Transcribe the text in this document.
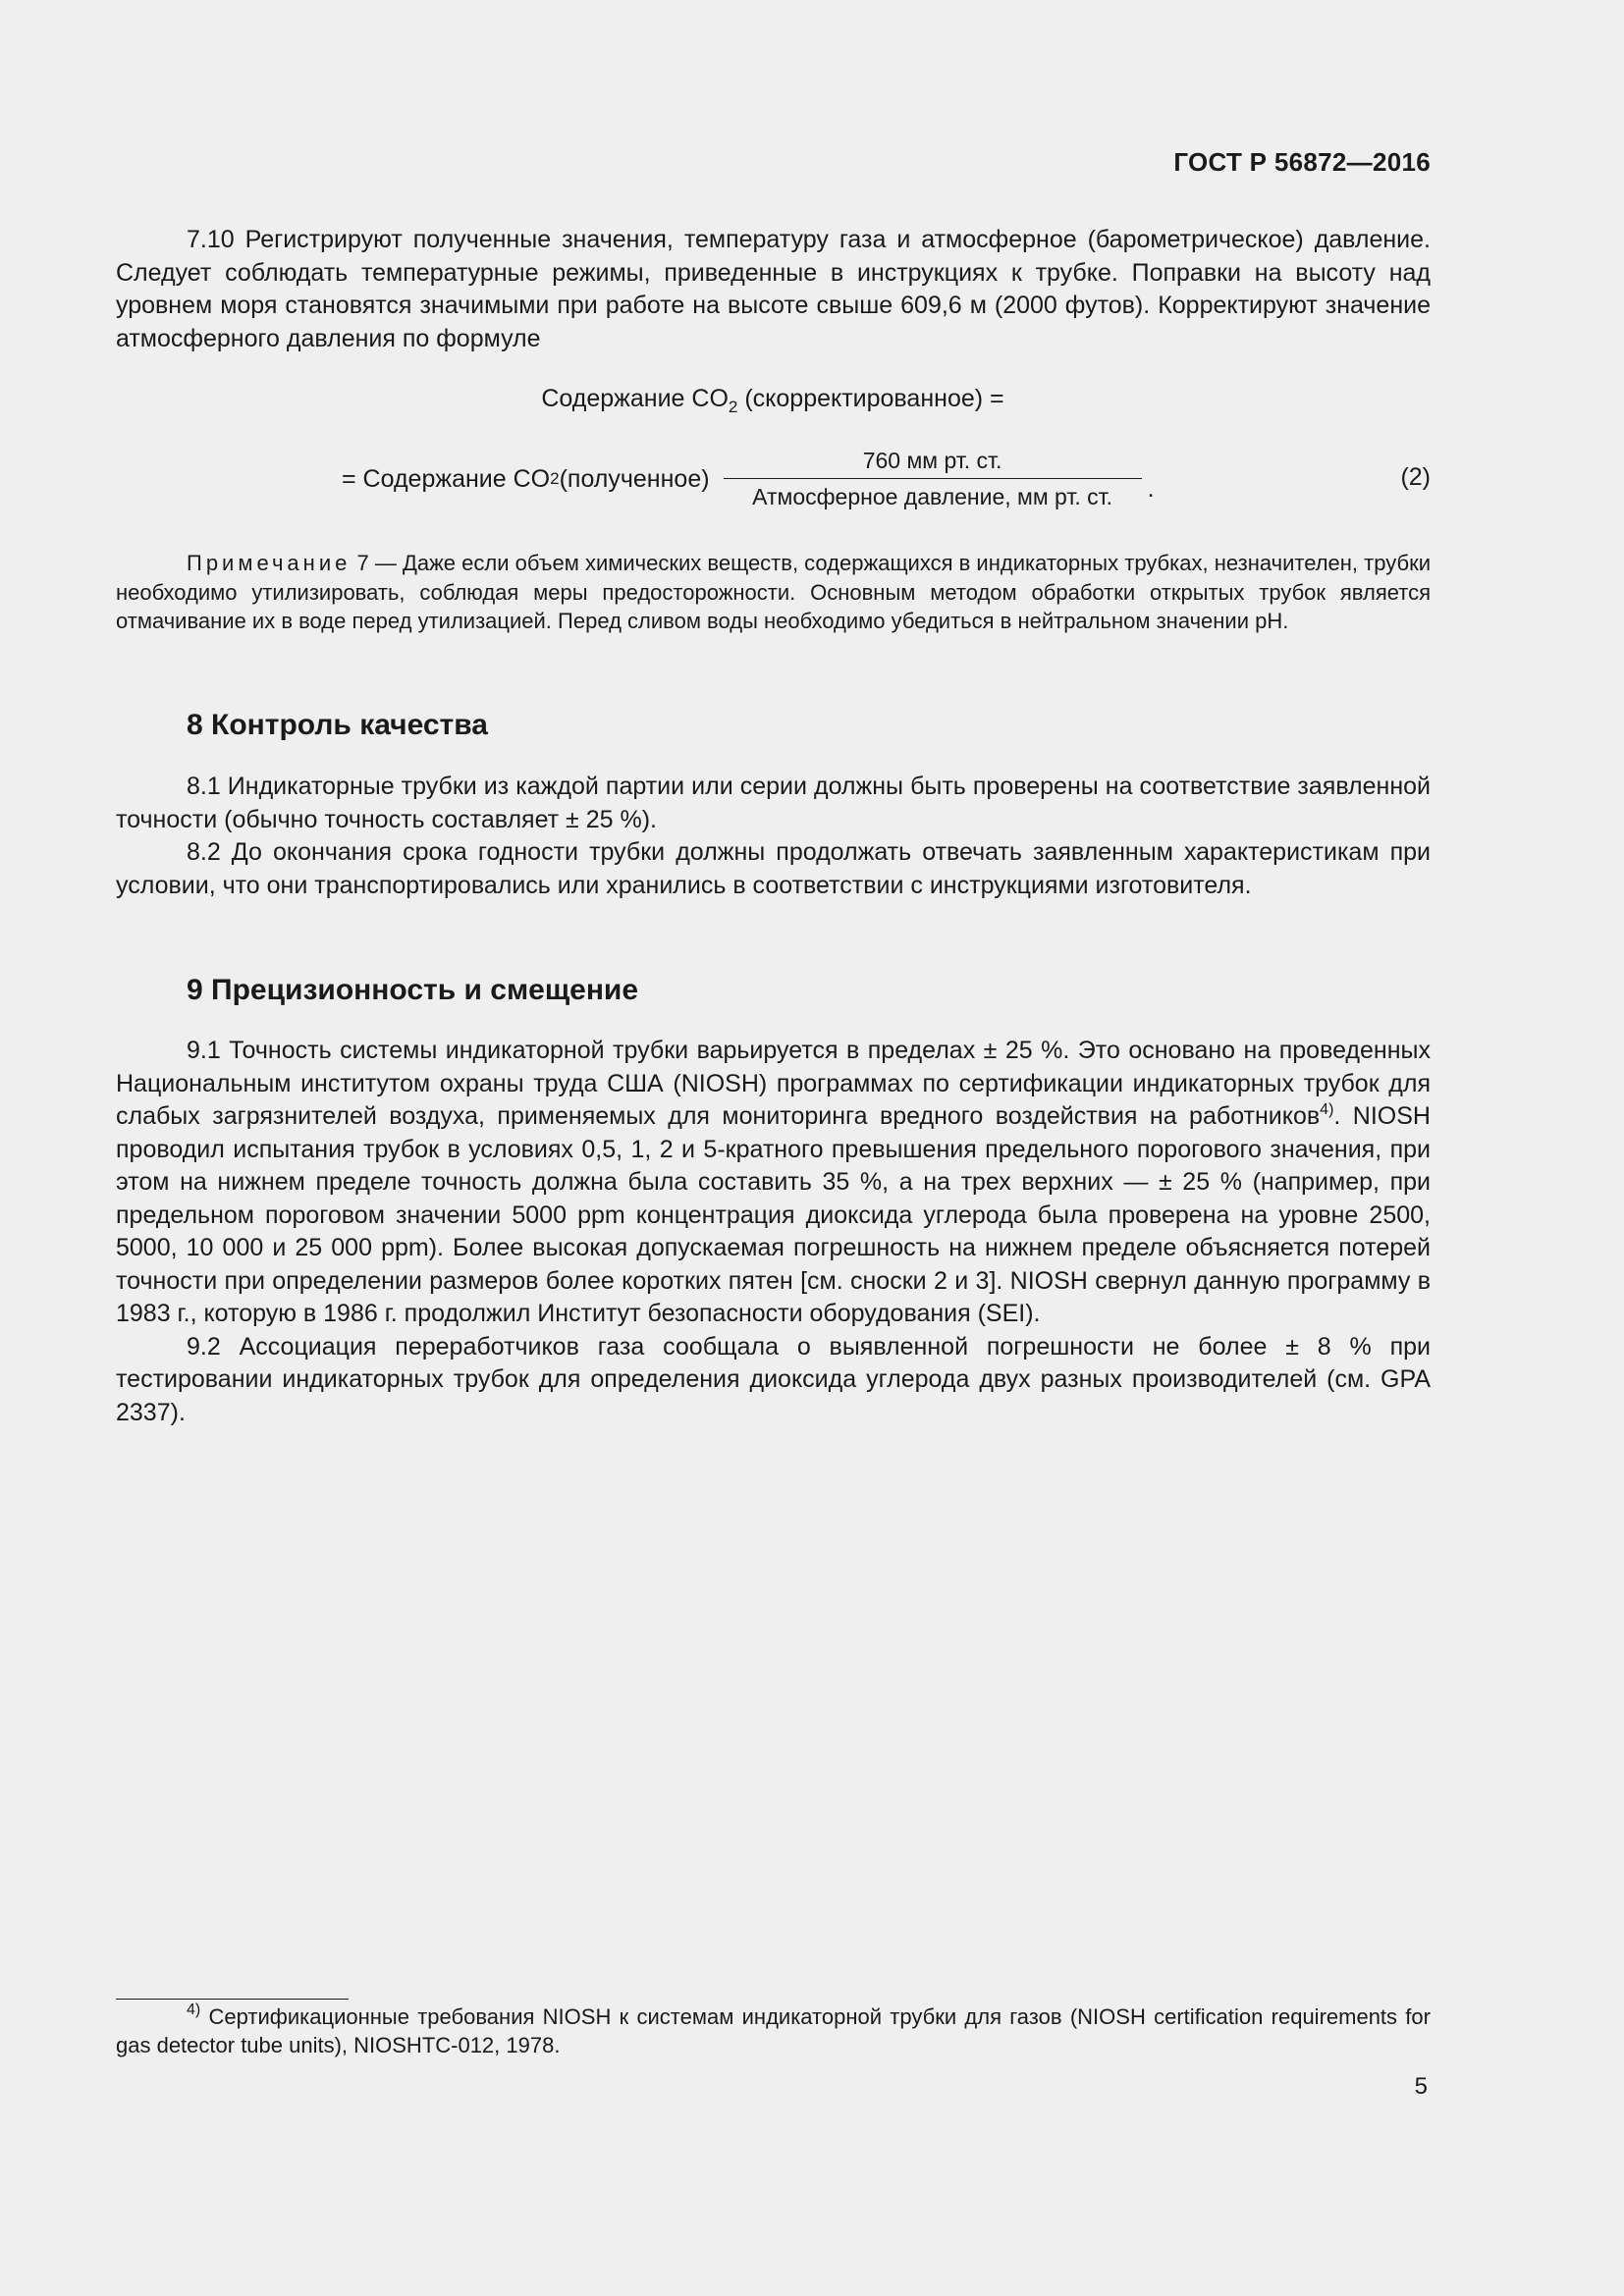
ГОСТ Р 56872—2016

7.10 Регистрируют полученные значения, температуру газа и атмосферное (барометрическое) давление. Следует соблюдать температурные режимы, приведенные в инструкциях к трубке. Поправки на высоту над уровнем моря становятся значимыми при работе на высоте свыше 609,6 м (2000 футов). Корректируют значение атмосферного давления по формуле

Содержание $CO_2$ (скорректированное) =
= Содержание CO 2 (полученное) $\frac{\text{760 мм рт. ст.}}{\text{Атмосферное давление, мм рт. ст.}}$ .	(2)

Примечание 7 — Даже если объем химических веществ, содержащихся в индикаторных трубках, незначителен, трубки необходимо утилизировать, соблюдая меры предосторожности. Основным методом обработки открытых трубок является отмачивание их в воде перед утилизацией. Перед сливом воды необходимо убедиться в нейтральном значении pH.

8 Контроль качества

8.1 Индикаторные трубки из каждой партии или серии должны быть проверены на соответствие заявленной точности (обычно точность составляет ± 25 %).

8.2 До окончания срока годности трубки должны продолжать отвечать заявленным характеристикам при условии, что они транспортировались или хранились в соответствии с инструкциями изготовителя.

9 Прецизионность и смещение

9.1 Точность системы индикаторной трубки варьируется в пределах ± 25 %. Это основано на проведенных Национальным институтом охраны труда США (NIOSH) программах по сертификации индикаторных трубок для слабых загрязнителей воздуха, применяемых для мониторинга вредного воздействия на работников$^{4)}$. NIOSH проводил испытания трубок в условиях 0,5, 1, 2 и 5-кратного превышения предельного порогового значения, при этом на нижнем пределе точность должна была составить 35 %, а на трех верхних — ± 25 % (например, при предельном пороговом значении 5000 ppm концентрация диоксида углерода была проверена на уровне 2500, 5000, 10 000 и 25 000 ppm). Более высокая допускаемая погрешность на нижнем пределе объясняется потерей точности при определении размеров более коротких пятен [см. сноски 2 и 3]. NIOSH свернул данную программу в 1983 г., которую в 1986 г. продолжил Институт безопасности оборудования (SEI).

9.2 Ассоциация переработчиков газа сообщала о выявленной погрешности не более ± 8 % при тестировании индикаторных трубок для определения диоксида углерода двух разных производителей (см. GPA 2337).

$^{4)}$ Сертификационные требования NIOSH к системам индикаторной трубки для газов (NIOSH certification requirements for gas detector tube units), NIOSHTC-012, 1978.

5
